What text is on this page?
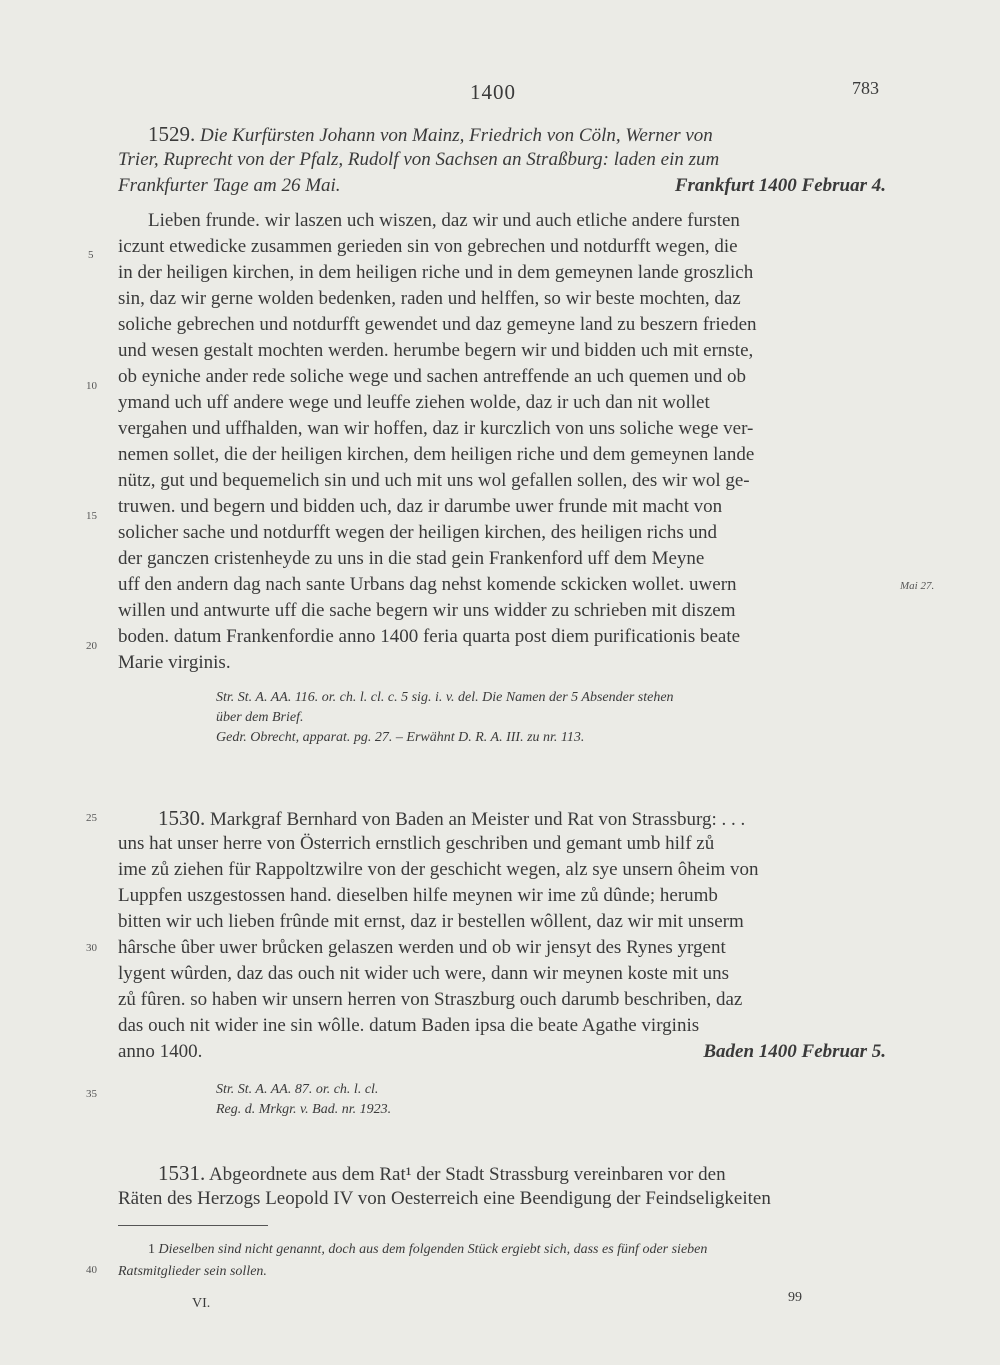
1400	783
1529. Die Kurfürsten Johann von Mainz, Friedrich von Cöln, Werner von
Trier, Ruprecht von der Pfalz, Rudolf von Sachsen an Straßburg: laden ein zum
Frankfurter Tage am 26 Mai.	Frankfurt 1400 Februar 4.
Lieben frunde. wir laszen uch wiszen, daz wir und auch etliche andere fursten
iczunt etwedicke zusammen gerieden sin von gebrechen und notdurfft wegen, die
in der heiligen kirchen, in dem heiligen riche und in dem gemeynen lande groszlich
sin, daz wir gerne wolden bedenken, raden und helffen, so wir beste mochten, daz
soliche gebrechen und notdurfft gewendet und daz gemeyne land zu beszern frieden
und wesen gestalt mochten werden. herumbe begern wir und bidden uch mit ernste,
ob eyniche ander rede soliche wege und sachen antreffende an uch quemen und ob
ymand uch uff andere wege und leuffe ziehen wolde, daz ir uch dan nit wollet
vergahen und uffhalden, wan wir hoffen, daz ir kurczlich von uns soliche wege ver-
nemen sollet, die der heiligen kirchen, dem heiligen riche und dem gemeynen lande
nütz, gut und bequemelich sin und uch mit uns wol gefallen sollen, des wir wol ge-
truwen. und begern und bidden uch, daz ir darumbe uwer frunde mit macht von
solicher sache und notdurfft wegen der heiligen kirchen, des heiligen richs und
der ganczen cristenheyde zu uns in die stad gein Frankenford uff dem Meyne
uff den andern dag nach sante Urbans dag nehst komende sckicken wollet. uwern
willen und antwurte uff die sache begern wir uns widder zu schrieben mit diszem
boden. datum Frankenfordie anno 1400 feria quarta post diem purificationis beate
Marie virginis.
Mai 27.
Str. St. A. AA. 116. or. ch. l. cl. c. 5 sig. i. v. del. Die Namen der 5 Absender stehen
über dem Brief.
Gedr. Obrecht, apparat. pg. 27. – Erwähnt D. R. A. III. zu nr. 113.
1530. Markgraf Bernhard von Baden an Meister und Rat von Strassburg: . . .
uns hat unser herre von Österrich ernstlich geschriben und gemant umb hilf zů
ime zů ziehen für Rappoltzwilre von der geschicht wegen, alz sye unsern ôheim von
Luppfen uszgestossen hand. dieselben hilfe meynen wir ime zů dûnde; herumb
bitten wir uch lieben frûnde mit ernst, daz ir bestellen wôllent, daz wir mit unserm
hârsche ûber uwer brůcken gelaszen werden und ob wir jensyt des Rynes yrgent
lygent wûrden, daz das ouch nit wider uch were, dann wir meynen koste mit uns
zů fûren. so haben wir unsern herren von Straszburg ouch darumb beschriben, daz
das ouch nit wider ine sin wôlle. datum Baden ipsa die beate Agathe virginis
anno 1400.	Baden 1400 Februar 5.
Str. St. A. AA. 87. or. ch. l. cl.
Reg. d. Mrkgr. v. Bad. nr. 1923.
1531. Abgeordnete aus dem Rat¹ der Stadt Strassburg vereinbaren vor den
Räten des Herzogs Leopold IV von Oesterreich eine Beendigung der Feindseligkeiten
1 Dieselben sind nicht genannt, doch aus dem folgenden Stück ergiebt sich, dass es fünf oder sieben
Ratsmitglieder sein sollen.
VI.	99
5
10
15
20
25
30
35
40
